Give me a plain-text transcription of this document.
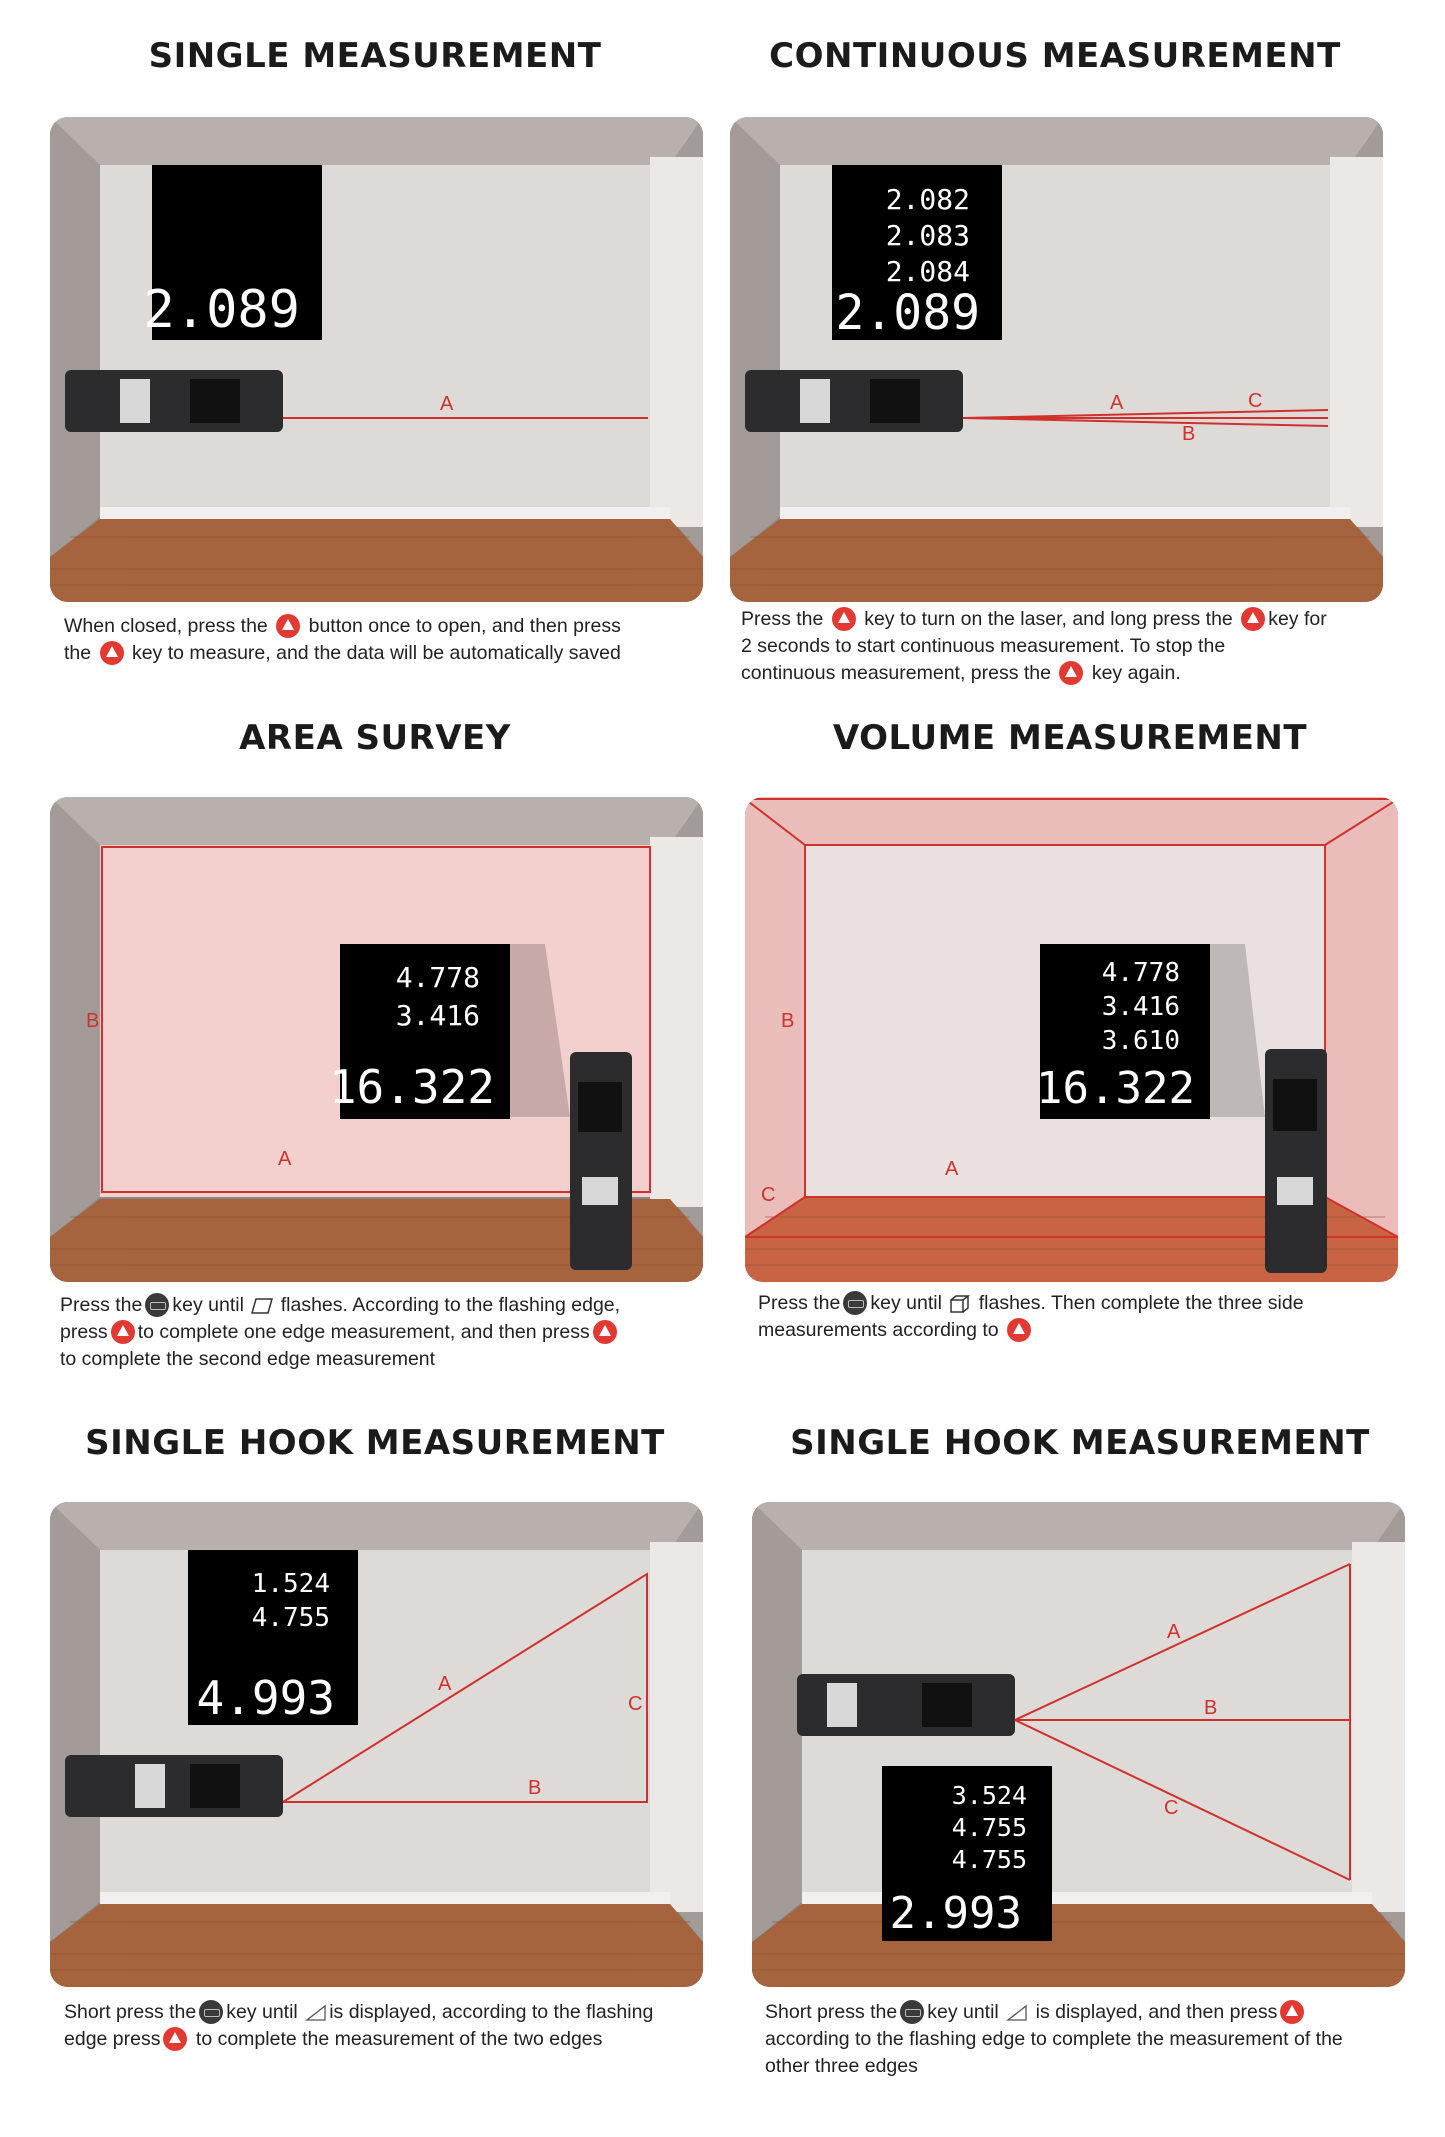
SINGLE MEASUREMENT
2.089
A
When closed, press the  button once to open, and then press
the  key to measure, and the data will be automatically saved
CONTINUOUS MEASUREMENT
2.082
2.083
2.084
2.089
A
B
C
Press the  key to turn on the laser, and long press the key for
2 seconds to start continuous measurement. To stop the
continuous measurement, press the  key again.
AREA SURVEY
4.778
3.416
16.322
A
B
Press the key until  flashes. According to the flashing edge,
press to complete one edge measurement, and then press
to complete the second edge measurement
VOLUME MEASUREMENT
4.778
3.416
3.610
16.322
A
B
C
Press the key until  flashes. Then complete the three side
measurements according to
SINGLE HOOK MEASUREMENT
1.524
4.755
4.993	A
B
C
Short press the key until is displayed, according to the flashing
edge press to complete the measurement of the two edges
SINGLE HOOK MEASUREMENT
3.524
4.755
4.755
2.993
A
B
C
Short press the key until  is displayed, and then press
according to the flashing edge to complete the measurement of the
other three edges
